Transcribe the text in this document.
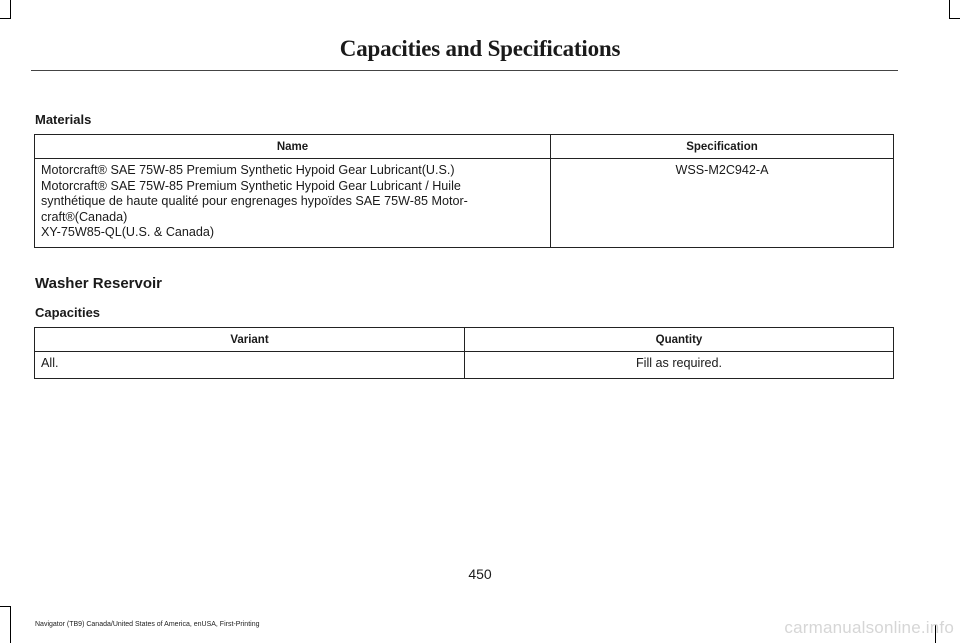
Capacities and Specifications
Materials
Name	Specification

Motorcraft® SAE 75W-85 Premium Synthetic Hypoid Gear Lubricant(U.S.)
Motorcraft® SAE 75W-85 Premium Synthetic Hypoid Gear Lubricant / Huile
synthétique de haute qualité pour engrenages hypoïdes SAE 75W-85 Motor-
craft®(Canada)
XY-75W85-QL(U.S. & Canada)	WSS-M2C942-A
Washer Reservoir
Capacities
Variant	Quantity
All.	Fill as required.
450
Navigator (TB9) Canada/United States of America, enUSA, First-Printing	carmanualsonline.info
